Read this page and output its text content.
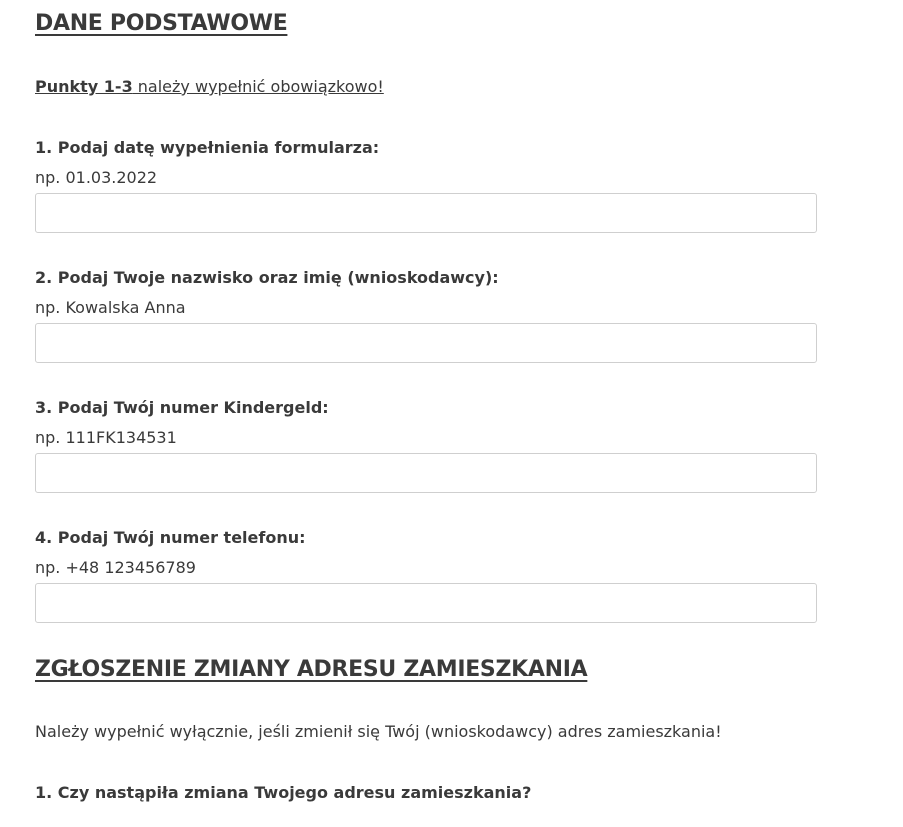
DANE PODSTAWOWE
Punkty 1-3 należy wypełnić obowiązkowo!
1. Podaj datę wypełnienia formularza:
np. 01.03.2022
2. Podaj Twoje nazwisko oraz imię (wnioskodawcy):
np. Kowalska Anna
3. Podaj Twój numer Kindergeld:
np. 111FK134531
4. Podaj Twój numer telefonu:
np. +48 123456789
ZGŁOSZENIE ZMIANY ADRESU ZAMIESZKANIA
Należy wypełnić wyłącznie, jeśli zmienił się Twój (wnioskodawcy) adres zamieszkania!
1. Czy nastąpiła zmiana Twojego adresu zamieszkania?
